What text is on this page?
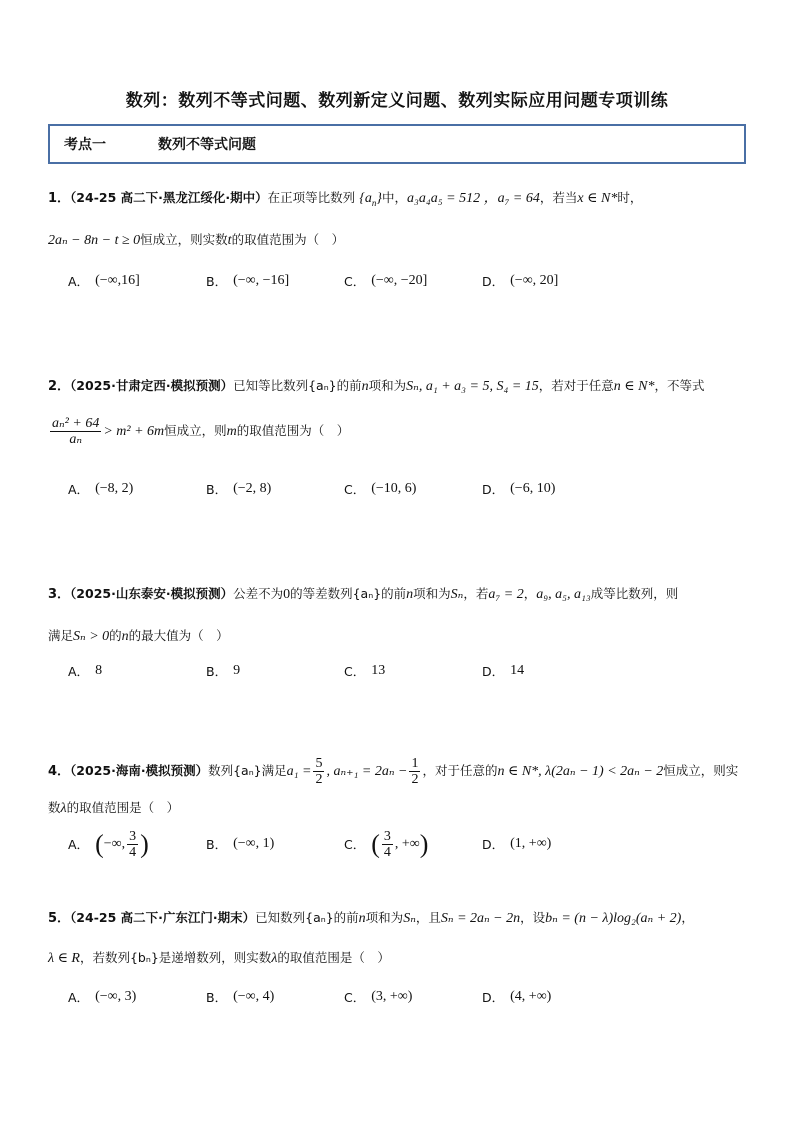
数列：数列不等式问题、数列新定义问题、数列实际应用问题专项训练
考点一	数列不等式问题
1．（24-25 高二下·黑龙江绥化·期中）在正项等比数列 $\{a_n\}$中，a₃a₄a₅ = 512 ，a₇ = 64，若当x ∈ N*时，
2aₙ − 8n − t ≥ 0恒成立，则实数t的取值范围为（　）
A． (−∞,16]	B． (−∞, −16]	C． (−∞, −20]	D． (−∞, 20]
2．（2025·甘肃定西·模拟预测）已知等比数列{aₙ}的前n项和为Sₙ, a₁ + a₃ = 5, S₄ = 15，若对于任意n ∈ N*，不等式
$\frac{\text{aₙ² + 64}}{\text{aₙ}} > m^2 + 6m$恒成立，则m的取值范围为（　）
A． (−8, 2)	B． (−2, 8)	C． (−10, 6)	D． (−6, 10)
3．（2025·山东泰安·模拟预测）公差不为0的等差数列{aₙ}的前n项和为Sₙ，若a₇ = 2，a₉, a₅, a₁₃成等比数列，则
满足Sₙ > 0的n的最大值为（　）
A． 8	B． 9	C． 13	D． 14
4．（2025·海南·模拟预测）数列{aₙ}满足$a_1 = \frac{5}{2}$ , $a_{n+1} = 2a_n - \frac{1}{2}$ ，对于任意的n ∈ N*, λ(2aₙ − 1) < 2aₙ − 2恒成立，则实
数λ的取值范围是（　）
A． (−∞, $\frac{3}{4}$ )	B． (−∞, 1)	C． ( $\frac{3}{4}$ , +∞)	D． (1, +∞)
5．（24-25 高二下·广东江门·期末）已知数列{aₙ}的前n项和为Sₙ，且Sₙ = 2aₙ − 2n，设bₙ = (n − λ)log₂(aₙ + 2)，
λ ∈ R，若数列{bₙ}是递增数列，则实数λ的取值范围是（　）
A． (−∞, 3)	B． (−∞, 4)	C． (3, +∞)	D． (4, +∞)
